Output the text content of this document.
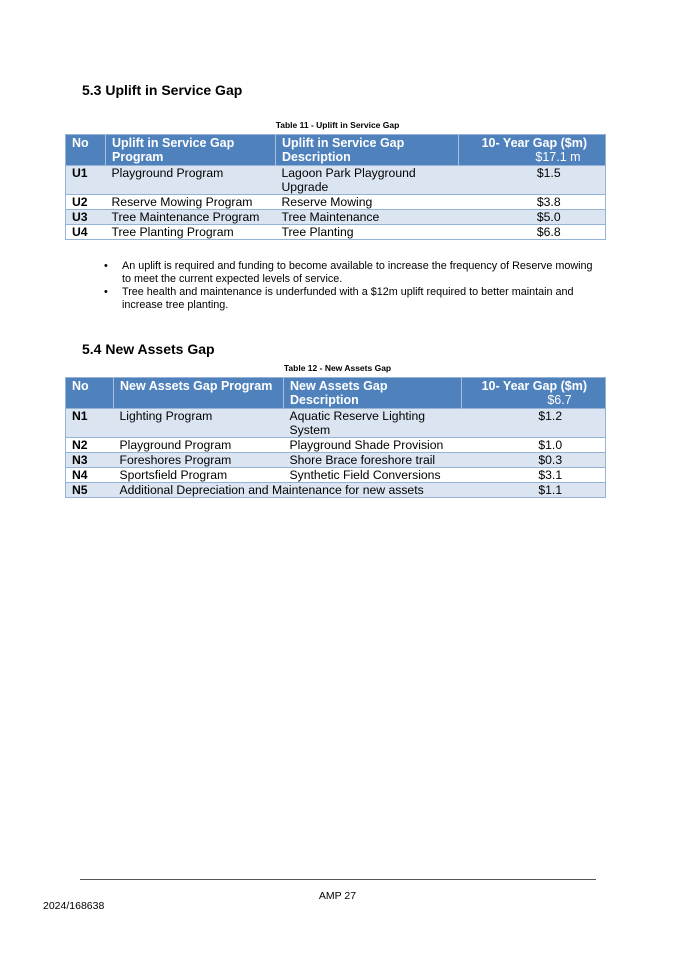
5.3 Uplift in Service Gap
Table 11 - Uplift in Service Gap
No	Uplift in Service Gap Program	Uplift in Service Gap Description	10- Year Gap ($m)
$17.1 m

U1	Playground Program	Lagoon Park Playground Upgrade	$1.5
U2	Reserve Mowing Program	Reserve Mowing	$3.8
U3	Tree Maintenance Program	Tree Maintenance	$5.0
U4	Tree Planting Program	Tree Planting	$6.8
• An uplift is required and funding to become available to increase the frequency of Reserve mowing to meet the current expected levels of service.
• Tree health and maintenance is underfunded with a $12m uplift required to better maintain and increase tree planting.
5.4 New Assets Gap
Table 12 - New Assets Gap
No	New Assets Gap Program	New Assets Gap Description	10- Year Gap ($m)
$6.7

N1	Lighting Program	Aquatic Reserve Lighting System	$1.2
N2	Playground Program	Playground Shade Provision	$1.0
N3	Foreshores Program	Shore Brace foreshore trail	$0.3
N4	Sportsfield Program	Synthetic Field Conversions	$3.1
N5	Additional Depreciation and Maintenance for new assets		$1.1
AMP 27
2024/168638
